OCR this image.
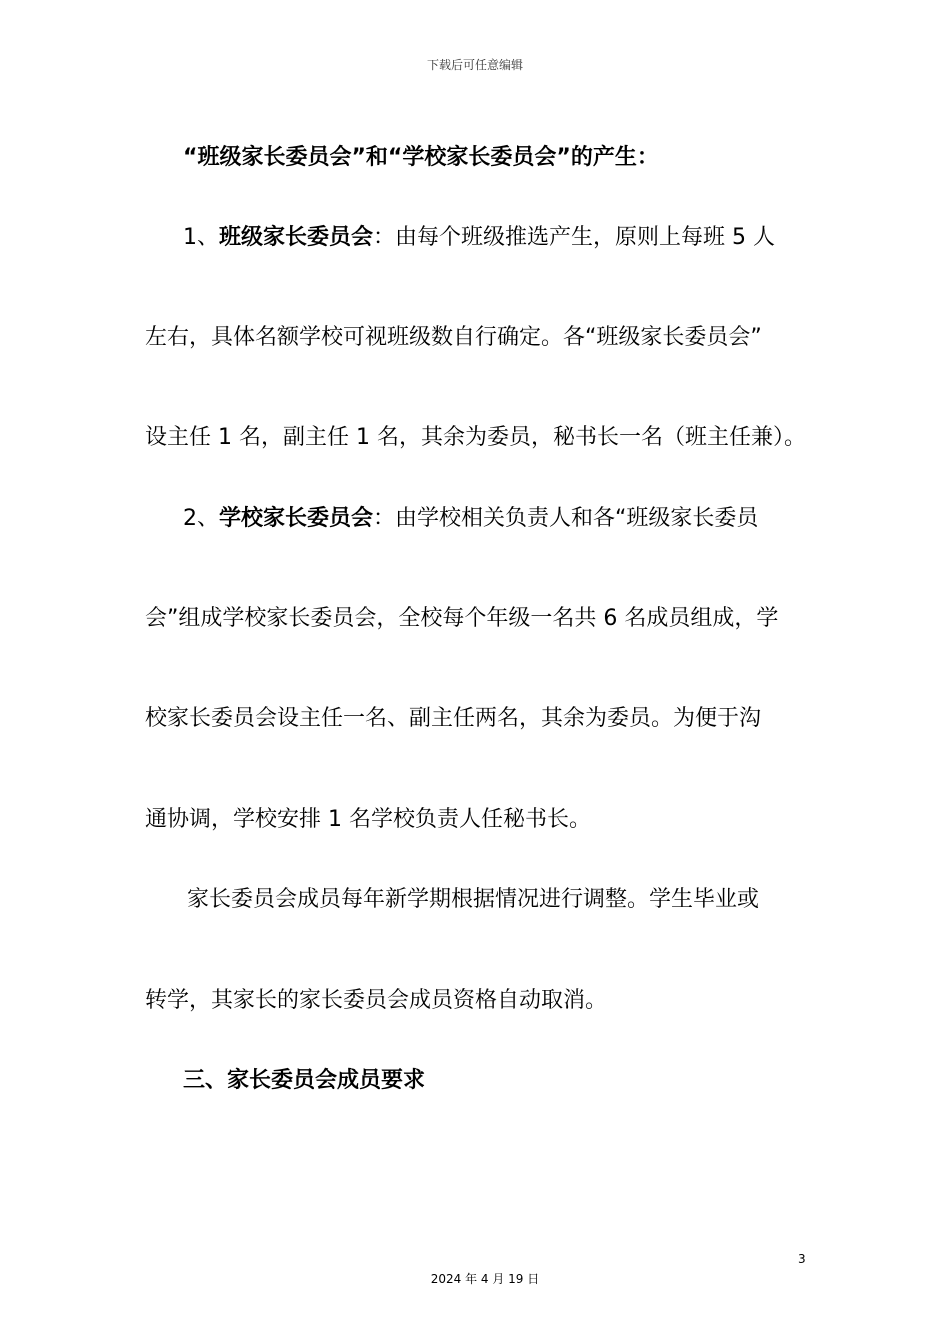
下载后可任意编辑
“班级家长委员会”和“学校家长委员会”的产生：
1、班级家长委员会：由每个班级推选产生，原则上每班 5 人
左右，具体名额学校可视班级数自行确定。各“班级家长委员会”
设主任 1 名，副主任 1 名，其余为委员，秘书长一名（班主任兼）。
2、学校家长委员会：由学校相关负责人和各“班级家长委员
会”组成学校家长委员会，全校每个年级一名共 6 名成员组成，学
校家长委员会设主任一名、副主任两名，其余为委员。为便于沟
通协调，学校安排 1 名学校负责人任秘书长。
家长委员会成员每年新学期根据情况进行调整。学生毕业或
转学，其家长的家长委员会成员资格自动取消。
三、家长委员会成员要求
3
2024 年 4 月 19 日
